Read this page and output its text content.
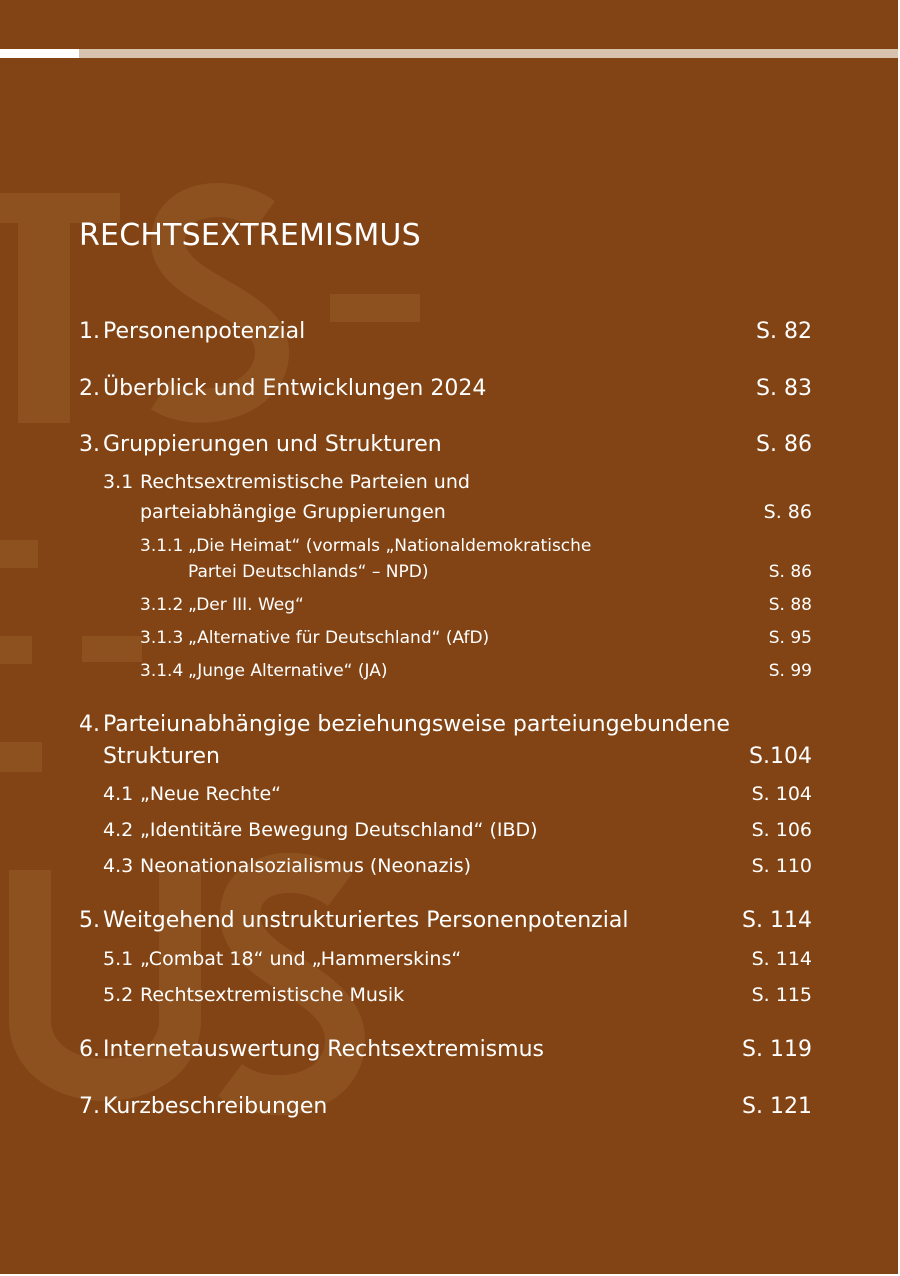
RECHTSEXTREMISMUS
1. Personenpotenzial	S. 82
2. Überblick und Entwicklungen 2024	S. 83
3. Gruppierungen und Strukturen	S. 86
3.1 Rechtsextremistische Parteien und
parteiabhängige Gruppierungen	S. 86
3.1.1 „Die Heimat“ (vormals „Nationaldemokratische
Partei Deutschlands“ – NPD)	S. 86
3.1.2 „Der III. Weg“	S. 88
3.1.3 „Alternative für Deutschland“ (AfD)	S. 95
3.1.4 „Junge Alternative“ (JA)	S. 99
4. Parteiunabhängige beziehungsweise parteiungebundene
Strukturen	S.104
4.1 „Neue Rechte“	S. 104
4.2 „Identitäre Bewegung Deutschland“ (IBD)	S. 106
4.3 Neonationalsozialismus (Neonazis)	S. 110
5. Weitgehend unstrukturiertes Personenpotenzial	S. 114
5.1 „Combat 18“ und „Hammerskins“	S. 114
5.2 Rechtsextremistische Musik	S. 115
6. Internetauswertung Rechtsextremismus	S. 119
7. Kurzbeschreibungen	S. 121
